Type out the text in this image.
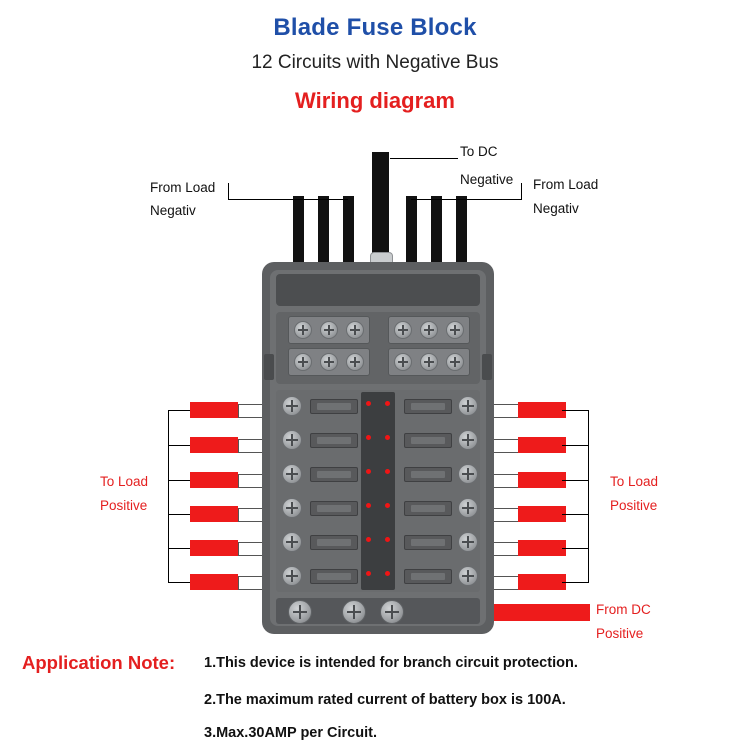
Blade Fuse Block
12 Circuits with Negative Bus
Wiring diagram
To DC
Negative
From Load
Negativ
From Load
Negativ
To Load
Positive
To Load
Positive
From DC
Positive
Application Note: 1.This device is intended for branch circuit protection.
2.The maximum rated current of battery box is 100A.
3.Max.30AMP per Circuit.
